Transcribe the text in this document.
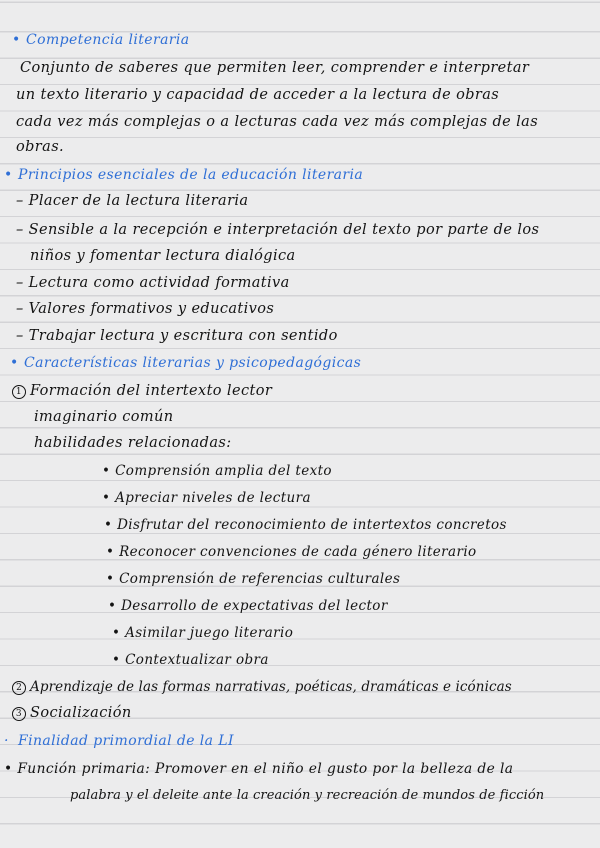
• Competencia literaria
Conjunto de saberes que permiten leer, comprender e interpretar
un texto literario y capacidad de acceder a la lectura de obras
cada vez más complejas o a lecturas cada vez más complejas de las
obras.
• Principios esenciales de la educación literaria
– Placer de la lectura literaria
– Sensible a la recepción e interpretación del texto por parte de los
niños y fomentar lectura dialógica
– Lectura como actividad formativa
– Valores formativos y educativos
– Trabajar lectura y escritura con sentido
• Características literarias y psicopedagógicas
1 Formación del intertexto lector
imaginario común
habilidades relacionadas:
• Comprensión amplia del texto
• Apreciar niveles de lectura
• Disfrutar del reconocimiento de intertextos concretos
• Reconocer convenciones de cada género literario
• Comprensión de referencias culturales
• Desarrollo de expectativas del lector
• Asimilar juego literario
• Contextualizar obra
2 Aprendizaje de las formas narrativas, poéticas, dramáticas e icónicas
3 Socialización
· Finalidad primordial de la LI
• Función primaria: Promover en el niño el gusto por la belleza de la
palabra y el deleite ante la creación y recreación de mundos de ficción
